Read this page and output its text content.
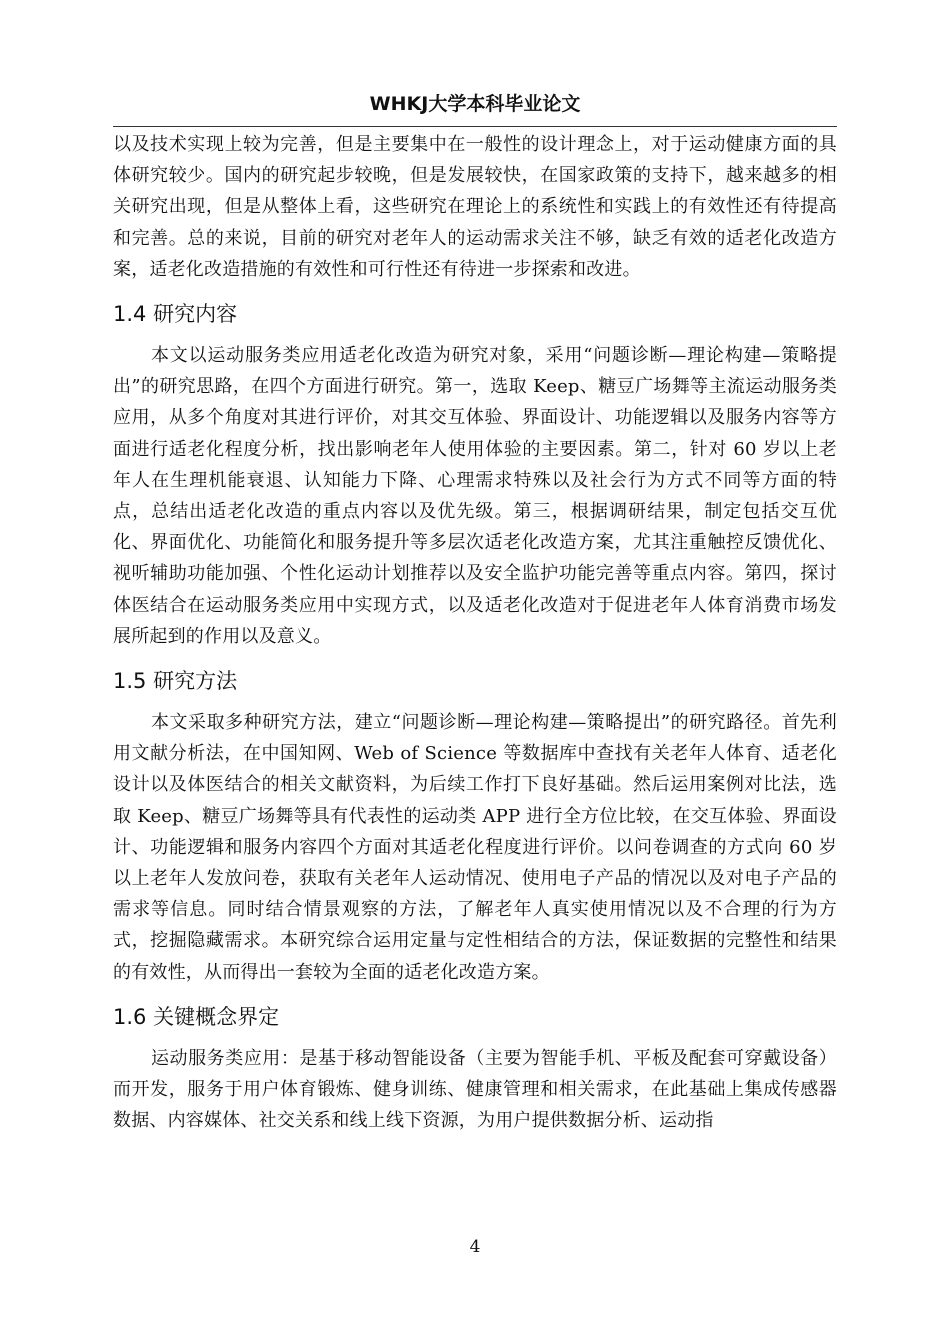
WHKJ大学本科毕业论文

以及技术实现上较为完善，但是主要集中在一般性的设计理念上，对于运动健康方面的具体研究较少。国内的研究起步较晚，但是发展较快，在国家政策的支持下，越来越多的相关研究出现，但是从整体上看，这些研究在理论上的系统性和实践上的有效性还有待提高和完善。总的来说，目前的研究对老年人的运动需求关注不够，缺乏有效的适老化改造方案，适老化改造措施的有效性和可行性还有待进一步探索和改进。

1.4 研究内容

本文以运动服务类应用适老化改造为研究对象，采用“问题诊断—理论构建—策略提出”的研究思路，在四个方面进行研究。第一，选取 Keep、糖豆广场舞等主流运动服务类应用，从多个角度对其进行评价，对其交互体验、界面设计、功能逻辑以及服务内容等方面进行适老化程度分析，找出影响老年人使用体验的主要因素。第二，针对 60 岁以上老年人在生理机能衰退、认知能力下降、心理需求特殊以及社会行为方式不同等方面的特点，总结出适老化改造的重点内容以及优先级。第三，根据调研结果，制定包括交互优化、界面优化、功能简化和服务提升等多层次适老化改造方案，尤其注重触控反馈优化、视听辅助功能加强、个性化运动计划推荐以及安全监护功能完善等重点内容。第四，探讨体医结合在运动服务类应用中实现方式，以及适老化改造对于促进老年人体育消费市场发展所起到的作用以及意义。

1.5 研究方法

本文采取多种研究方法，建立“问题诊断—理论构建—策略提出”的研究路径。首先利用文献分析法，在中国知网、Web of Science 等数据库中查找有关老年人体育、适老化设计以及体医结合的相关文献资料，为后续工作打下良好基础。然后运用案例对比法，选取 Keep、糖豆广场舞等具有代表性的运动类 APP 进行全方位比较，在交互体验、界面设计、功能逻辑和服务内容四个方面对其适老化程度进行评价。以问卷调查的方式向 60 岁以上老年人发放问卷，获取有关老年人运动情况、使用电子产品的情况以及对电子产品的需求等信息。同时结合情景观察的方法，了解老年人真实使用情况以及不合理的行为方式，挖掘隐藏需求。本研究综合运用定量与定性相结合的方法，保证数据的完整性和结果的有效性，从而得出一套较为全面的适老化改造方案。

1.6 关键概念界定

运动服务类应用：是基于移动智能设备（主要为智能手机、平板及配套可穿戴设备）而开发，服务于用户体育锻炼、健身训练、健康管理和相关需求，在此基础上集成传感器数据、内容媒体、社交关系和线上线下资源，为用户提供数据分析、运动指

4
